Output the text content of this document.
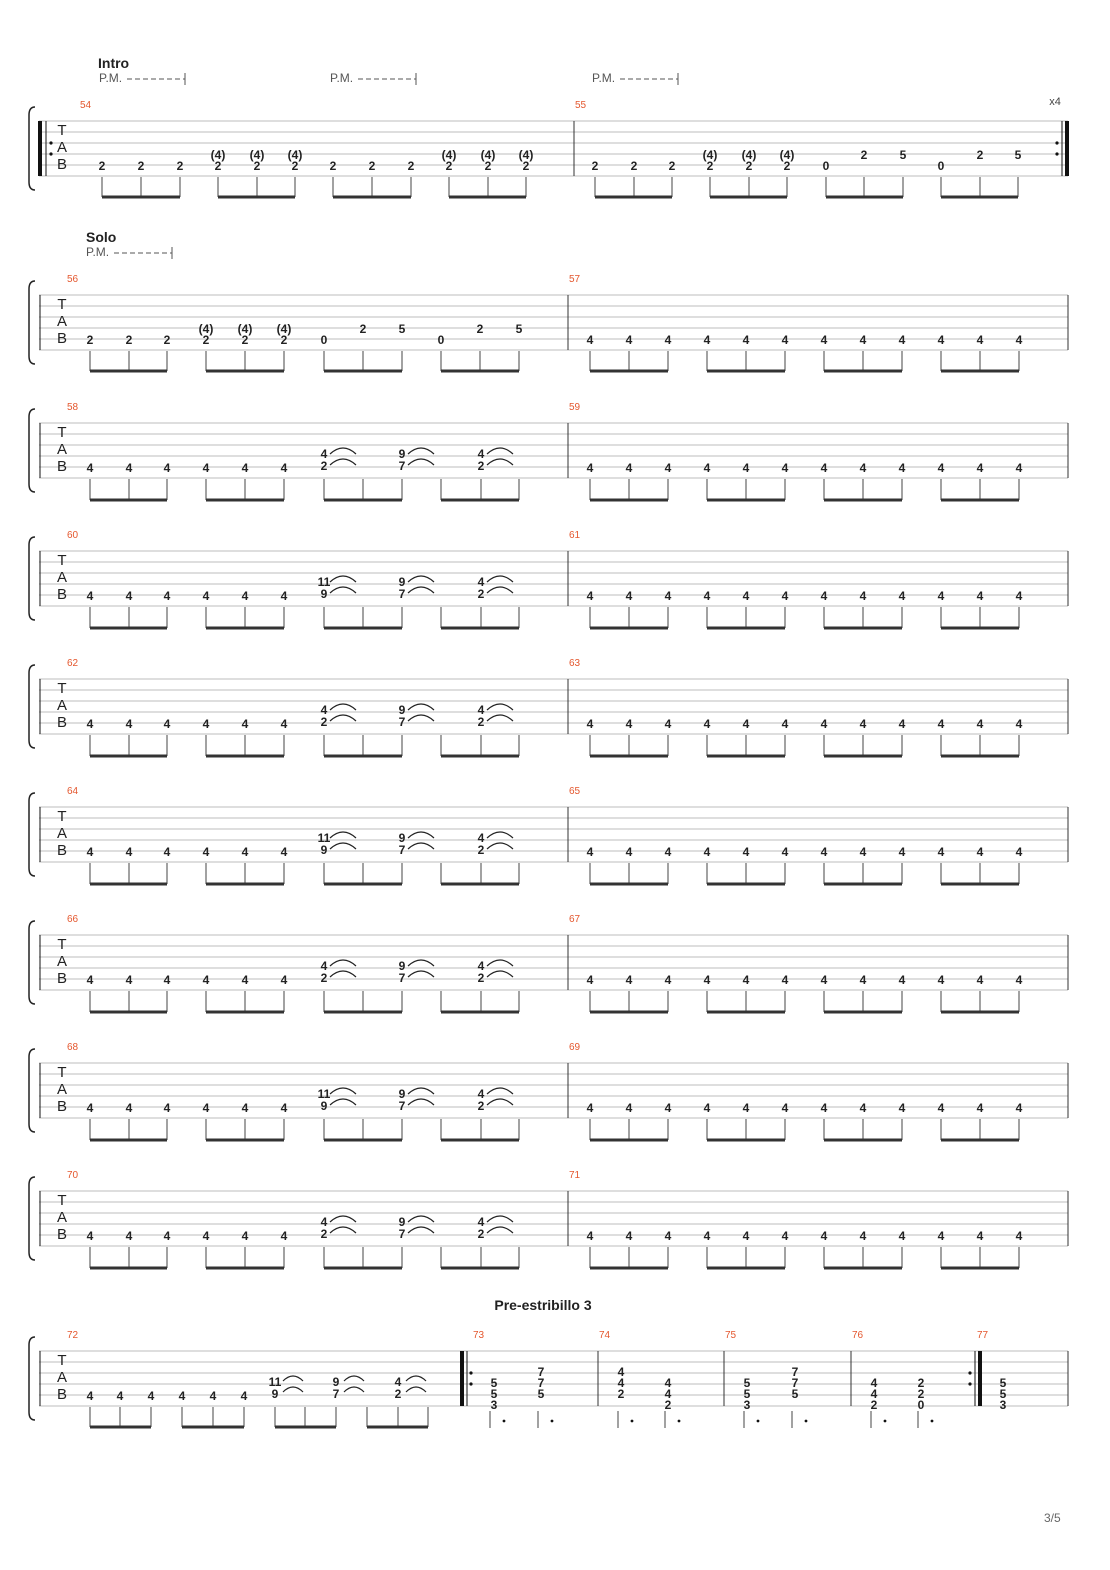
Intro
P.M.	P.M.	P.M.
T
A
B
54	55	x4
2	2	2
(4)
2
(4)
2
(4)
2	2	2	2
(4)
2
(4)
2
(4)
2	2	2	2
(4)
2
(4)
2
(4)
2	0
2	5
0
2	5
Solo
P.M.
T
A
B
56	57
2	2	2
(4)
2
(4)
2
(4)
2	0
2	5
0
2	5
4	4	4	4	4	4	4	4	4	4	4	4
T
A
B
58	59
4	4	4	4	4	4
4
2
9
7
4
2	4	4	4	4	4	4	4	4	4	4	4	4
T
A
B
60	61
4	4	4	4	4	4
11
9
9
7
4
2	4	4	4	4	4	4	4	4	4	4	4	4
T
A
B
62	63
4	4	4	4	4	4
4
2
9
7
4
2	4	4	4	4	4	4	4	4	4	4	4	4
T
A
B
64	65
4	4	4	4	4	4
11
9
9
7
4
2	4	4	4	4	4	4	4	4	4	4	4	4
T
A
B
66	67
4	4	4	4	4	4
4
2
9
7
4
2	4	4	4	4	4	4	4	4	4	4	4	4
T
A
B
68	69
4	4	4	4	4	4
11
9
9
7
4
2	4	4	4	4	4	4	4	4	4	4	4	4
T
A
B
70	71
4	4	4	4	4	4
4
2
9
7
4
2	4	4	4	4	4	4	4	4	4	4	4	4
T
A
B
Pre-estribillo 3
72
4 4 4 4 4 4
11
9
9
7
4
2
73	74	75	76	77
5
5
3
7
7
5
4
4
2
4
4
2
5
5
3
7
7
5
4
4
2
2
2
0
5
5
3
3/5
